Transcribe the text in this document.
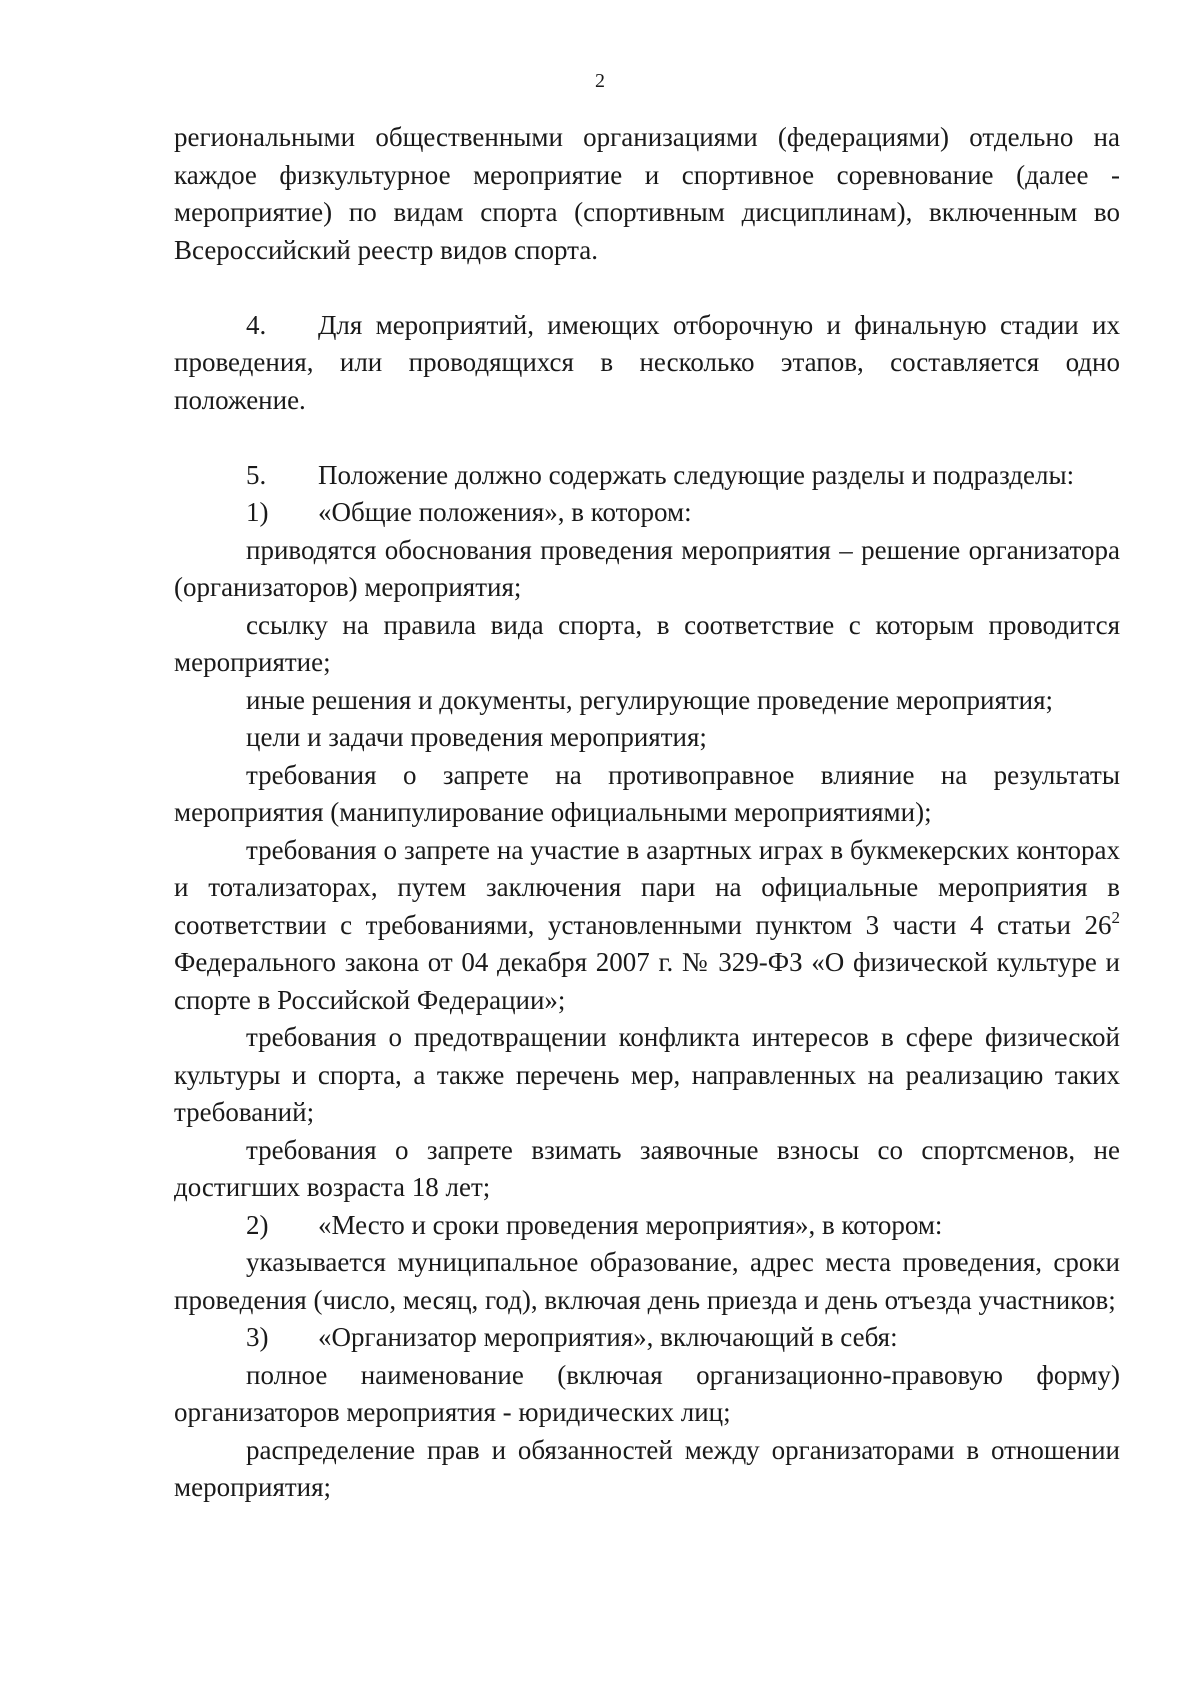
2

региональными общественными организациями (федерациями) отдельно на каждое физкультурное мероприятие и спортивное соревнование (далее - мероприятие) по видам спорта (спортивным дисциплинам), включенным во Всероссийский реестр видов спорта.

4. Для мероприятий, имеющих отборочную и финальную стадии их проведения, или проводящихся в несколько этапов, составляется одно положение.

5. Положение должно содержать следующие разделы и подразделы:

1) «Общие положения», в котором:

приводятся обоснования проведения мероприятия – решение организатора (организаторов) мероприятия;

ссылку на правила вида спорта, в соответствие с которым проводится мероприятие;

иные решения и документы, регулирующие проведение мероприятия;

цели и задачи проведения мероприятия;

требования о запрете на противоправное влияние на результаты мероприятия (манипулирование официальными мероприятиями);

требования о запрете на участие в азартных играх в букмекерских конторах и тотализаторах, путем заключения пари на официальные мероприятия в соответствии с требованиями, установленными пунктом 3 части 4 статьи $26^2$ Федерального закона от 04 декабря 2007 г. № 329-ФЗ «О физической культуре и спорте в Российской Федерации»;

требования о предотвращении конфликта интересов в сфере физической культуры и спорта, а также перечень мер, направленных на реализацию таких требований;

требования о запрете взимать заявочные взносы со спортсменов, не достигших возраста 18 лет;

2) «Место и сроки проведения мероприятия», в котором:

указывается муниципальное образование, адрес места проведения, сроки проведения (число, месяц, год), включая день приезда и день отъезда участников;

3) «Организатор мероприятия», включающий в себя:

полное наименование (включая организационно-правовую форму) организаторов мероприятия - юридических лиц;

распределение прав и обязанностей между организаторами в отношении мероприятия;
